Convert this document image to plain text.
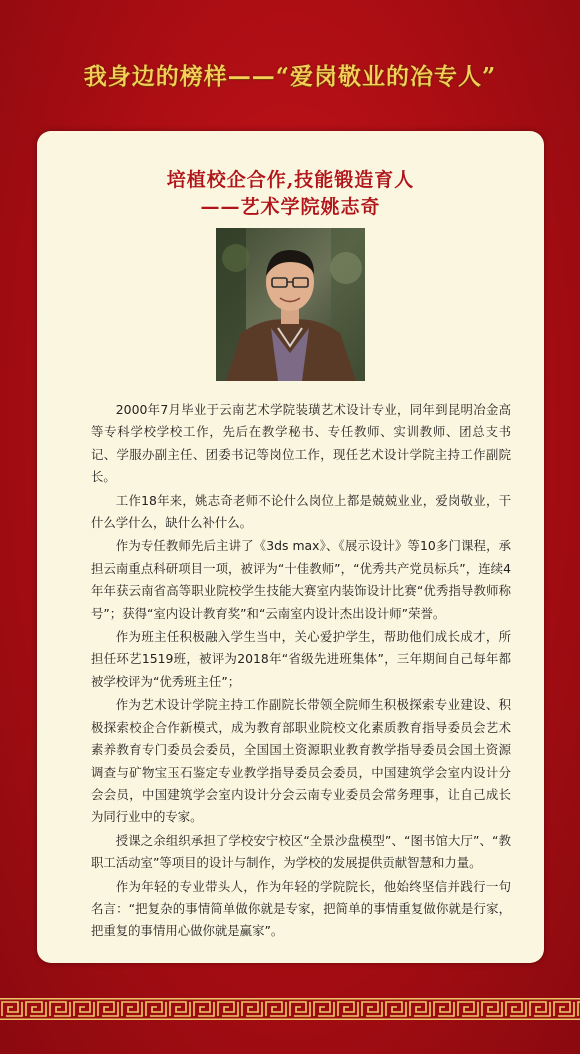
我身边的榜样——“爱岗敬业的冶专人”
培植校企合作,技能锻造育人
——艺术学院姚志奇

2000年7月毕业于云南艺术学院装璜艺术设计专业，同年到昆明冶金高等专科学校学校工作，先后在教学秘书、专任教师、实训教师、团总支书记、学服办副主任、团委书记等岗位工作，现任艺术设计学院主持工作副院长。

工作18年来，姚志奇老师不论什么岗位上都是兢兢业业，爱岗敬业，干什么学什么，缺什么补什么。

作为专任教师先后主讲了《3ds max》、《展示设计》等10多门课程，承担云南重点科研项目一项，被评为“十佳教师”，“优秀共产党员标兵”，连续4年年获云南省高等职业院校学生技能大赛室内装饰设计比赛“优秀指导教师称号”；获得“室内设计教育奖”和“云南室内设计杰出设计师”荣誉。

作为班主任积极融入学生当中，关心爱护学生，帮助他们成长成才，所担任环艺1519班，被评为2018年“省级先进班集体”，三年期间自己每年都被学校评为“优秀班主任”；

作为艺术设计学院主持工作副院长带领全院师生积极探索专业建设、积极探索校企合作新模式，成为教育部职业院校文化素质教育指导委员会艺术素养教育专门委员会委员，全国国土资源职业教育教学指导委员会国土资源调查与矿物宝玉石鉴定专业教学指导委员会委员，中国建筑学会室内设计分会会员，中国建筑学会室内设计分会云南专业委员会常务理事，让自己成长为同行业中的专家。

授课之余组织承担了学校安宁校区“全景沙盘模型”、“图书馆大厅”、“教职工活动室”等项目的设计与制作，为学校的发展提供贡献智慧和力量。

作为年轻的专业带头人，作为年轻的学院院长，他始终坚信并践行一句名言：“把复杂的事情简单做你就是专家，把简单的事情重复做你就是行家，把重复的事情用心做你就是赢家”。
